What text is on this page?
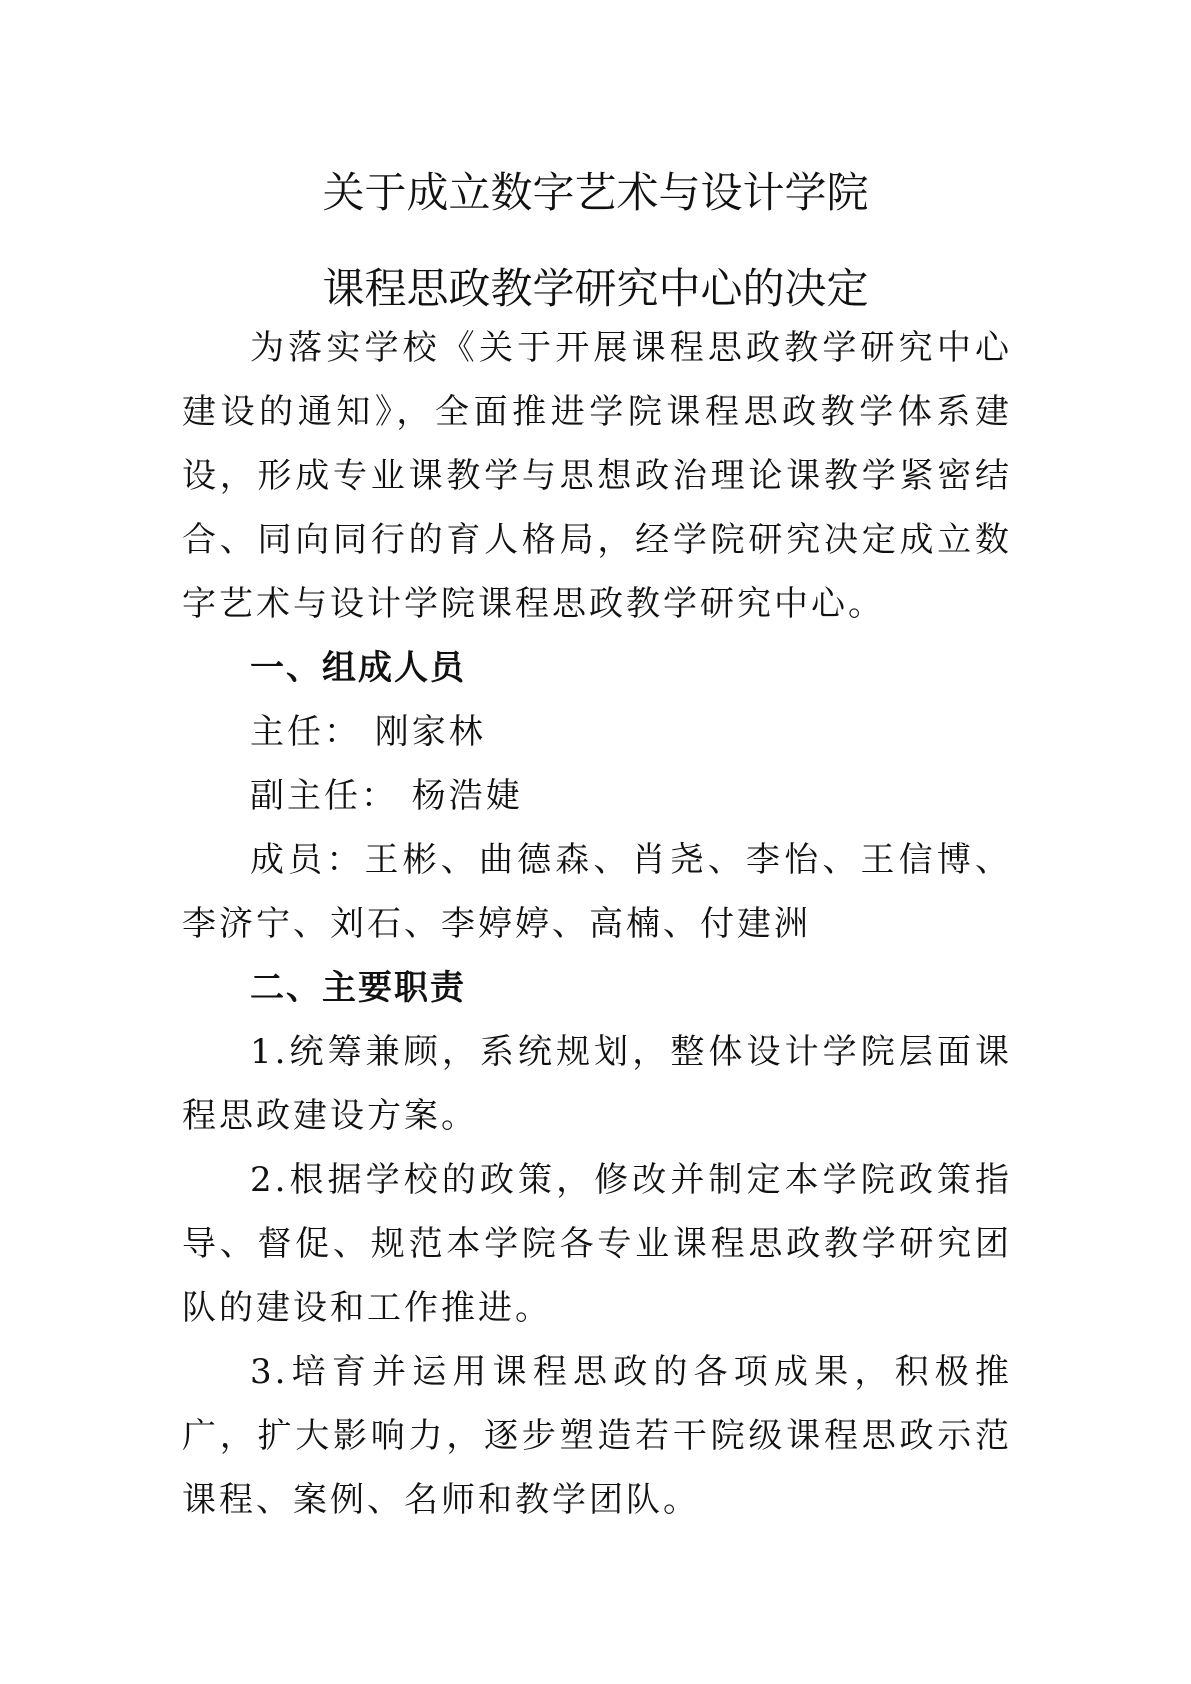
关于成立数字艺术与设计学院
课程思政教学研究中心的决定

为落实学校《关于开展课程思政教学研究中心建设的通知》，全面推进学院课程思政教学体系建设，形成专业课教学与思想政治理论课教学紧密结合、同向同行的育人格局，经学院研究决定成立数字艺术与设计学院课程思政教学研究中心。

一、组成人员

主任： 刚家林

副主任： 杨浩婕

成员：王彬、曲德森、肖尧、李怡、王信博、李济宁、刘石、李婷婷、高楠、付建洲

二、主要职责

1.统筹兼顾，系统规划，整体设计学院层面课程思政建设方案。

2.根据学校的政策，修改并制定本学院政策指导、督促、规范本学院各专业课程思政教学研究团队的建设和工作推进。

3.培育并运用课程思政的各项成果，积极推广，扩大影响力，逐步塑造若干院级课程思政示范课程、案例、名师和教学团队。
